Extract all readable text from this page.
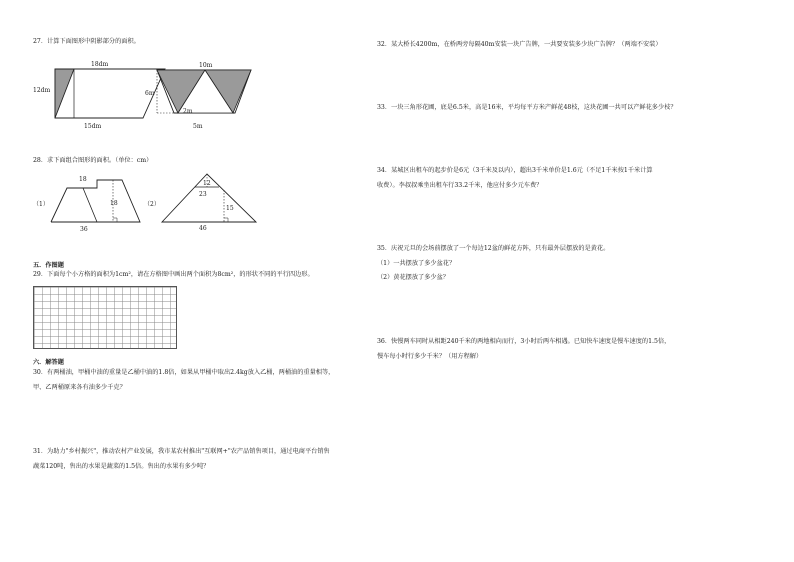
27．计算下面图形中阴影部分的面积。
18dm
12dm
15dm
10m
6m
2m
5m
28．求下面组合图形的面积。（单位：cm）
（1）
18
18
36
（2）
12
23
15
46
五．作图题
29．下面每个小方格的面积为1cm²，请在方格图中画出两个面积为8cm²，的形状不同的平行四边形。
六．解答题
30．有两桶油，甲桶中油的重量是乙桶中油的1.8倍，如果从甲桶中取出2.4kg放入乙桶，两桶油的重量相等，
甲、乙两桶原来各有油多少千克？
31．为助力"乡村振兴"，推动农村产业发展，我市某农村推出"互联网+"农产品销售项目，通过电商平台销售
蔬菜120吨，售出的水果是蔬菜的1.5倍。售出的水果有多少吨？
32．某大桥长4200m，在桥两旁每隔40m安装一块广告牌，一共要安装多少块广告牌？（两端不安装）
33．一块三角形花圃，底是6.5米，高是16米，平均每平方米产鲜花48枝，这块花圃一共可以产鲜花多少枝？
34．某城区出租车的起步价是6元（3千米及以内），超出3千米单价是1.6元（不足1千米按1千米计算
收费）。李叔叔乘坐出租车行33.2千米，他应付多少元车费？
35．庆祝元旦的会场前摆放了一个每边12盆的鲜花方阵，只有最外层摆放的是黄花。
（1）一共摆放了多少盆花？
（2）黄花摆放了多少盆？
36．快慢两车同时从相距240千米的两地相向而行，3小时后两车相遇。已知快车速度是慢车速度的1.5倍，
慢车每小时行多少千米？（用方程解）
